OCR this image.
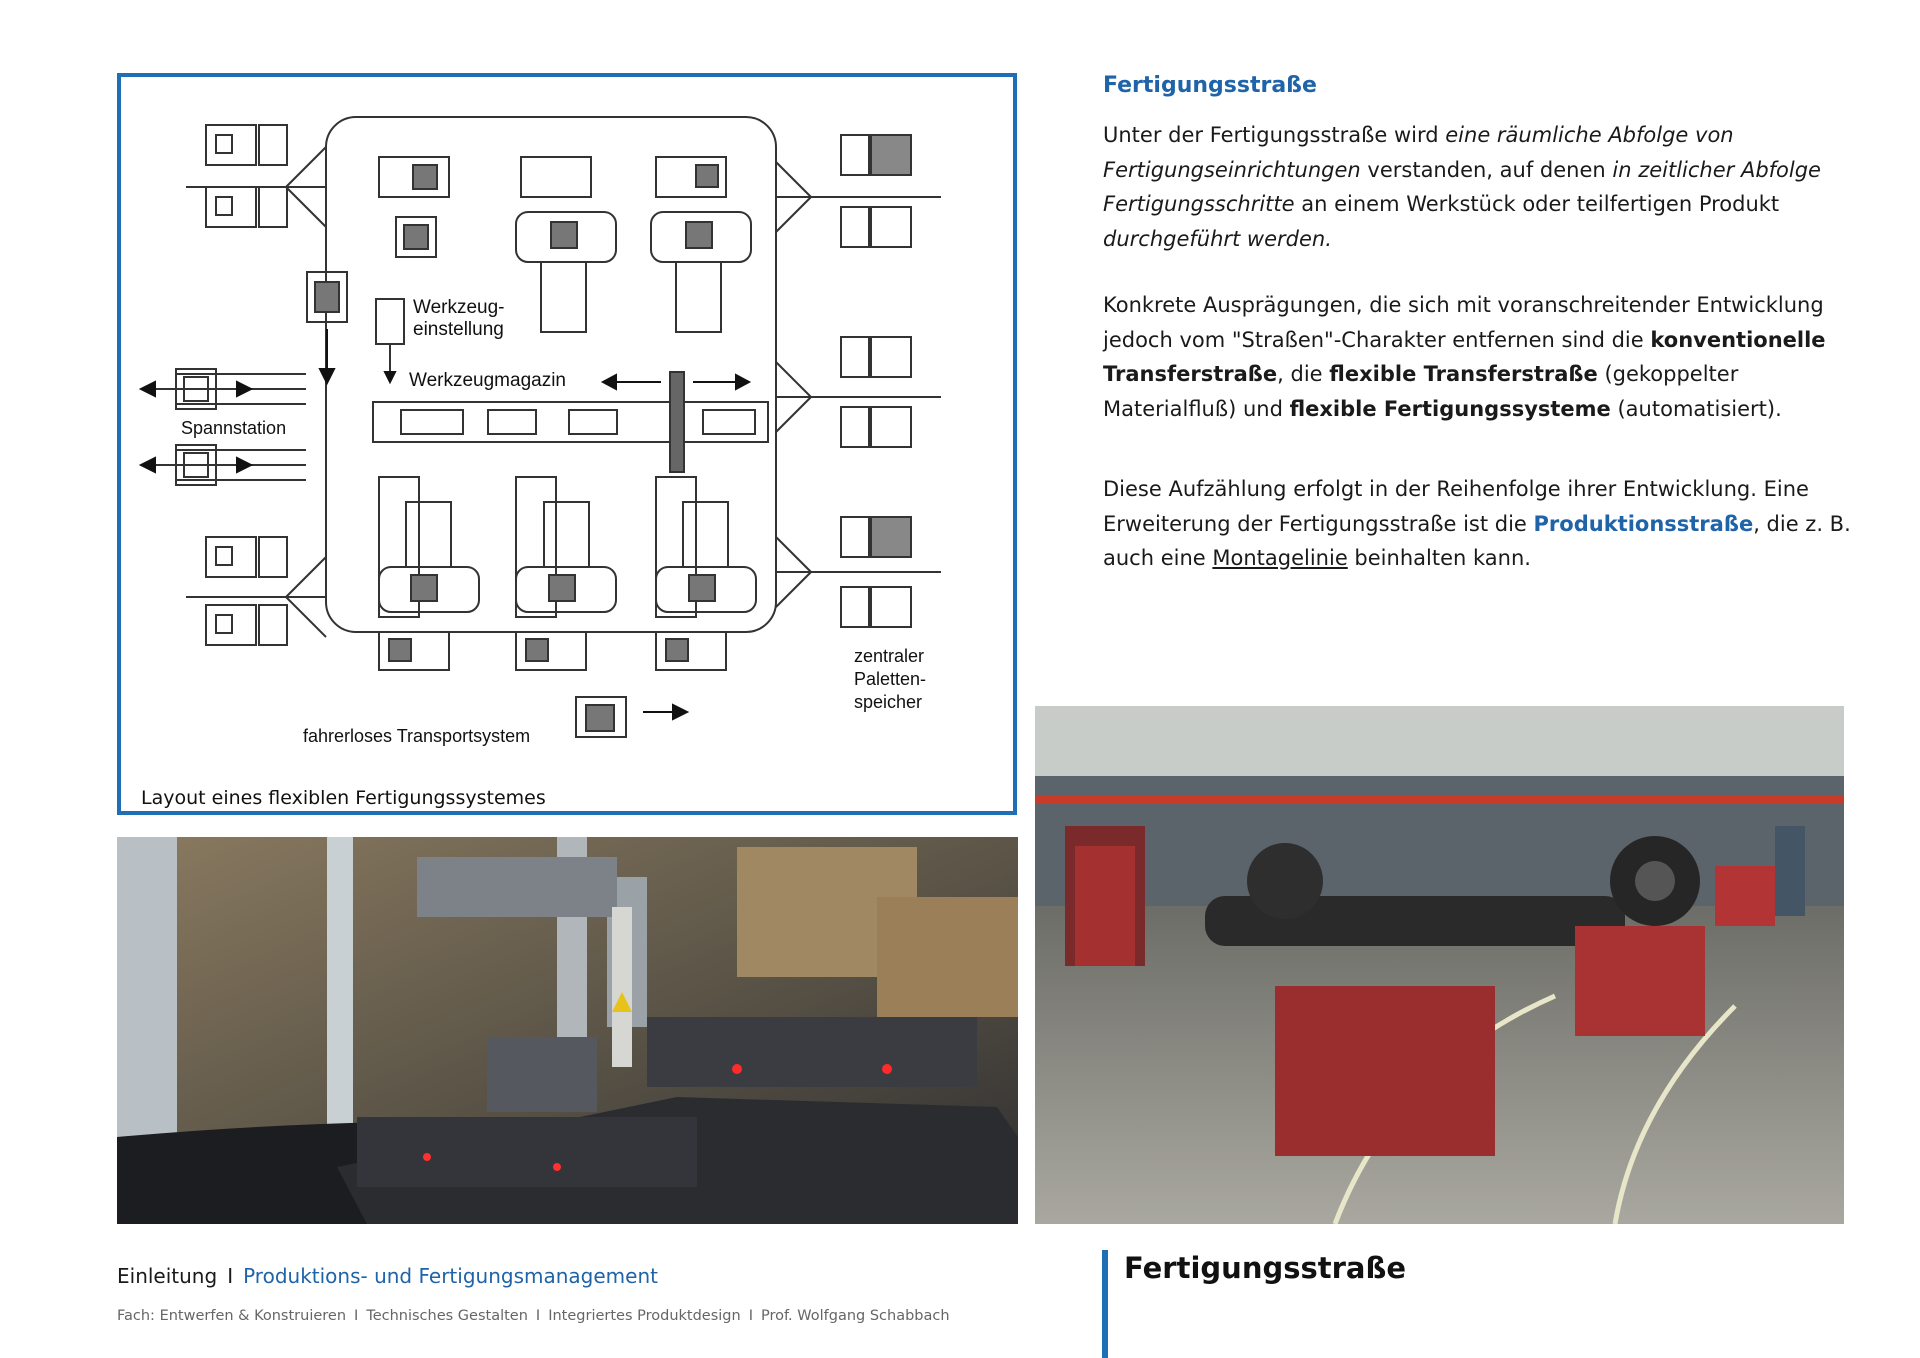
Werkzeug-
einstellung
Werkzeugmagazin
Spannstation
fahrerloses Transportsystem
zentraler
Paletten-
speicher
Layout eines flexiblen Fertigungssystemes
Fertigungsstraße
Unter der Fertigungsstraße wird eine räumliche Abfolge von Fertigungseinrichtungen verstanden, auf denen in zeitlicher Abfolge Fertigungsschritte an einem Werkstück oder teilfertigen Produkt durchgeführt werden.
Konkrete Ausprägungen, die sich mit voranschreitender Entwicklung jedoch vom "Straßen"-Charakter entfernen sind die konventionelle Transferstraße, die flexible Transferstraße (gekoppelter Materialfluß) und flexible Fertigungssysteme (automatisiert).
Diese Aufzählung erfolgt in der Reihenfolge ihrer Entwicklung. Eine Erweiterung der Fertigungsstraße ist die Produktionsstraße, die z. B. auch eine Montagelinie beinhalten kann.
Einleitung I Produktions- und Fertigungsmanagement
Fach: Entwerfen & Konstruieren I Technisches Gestalten I Integriertes Produktdesign I Prof. Wolfgang Schabbach
Fertigungsstraße
